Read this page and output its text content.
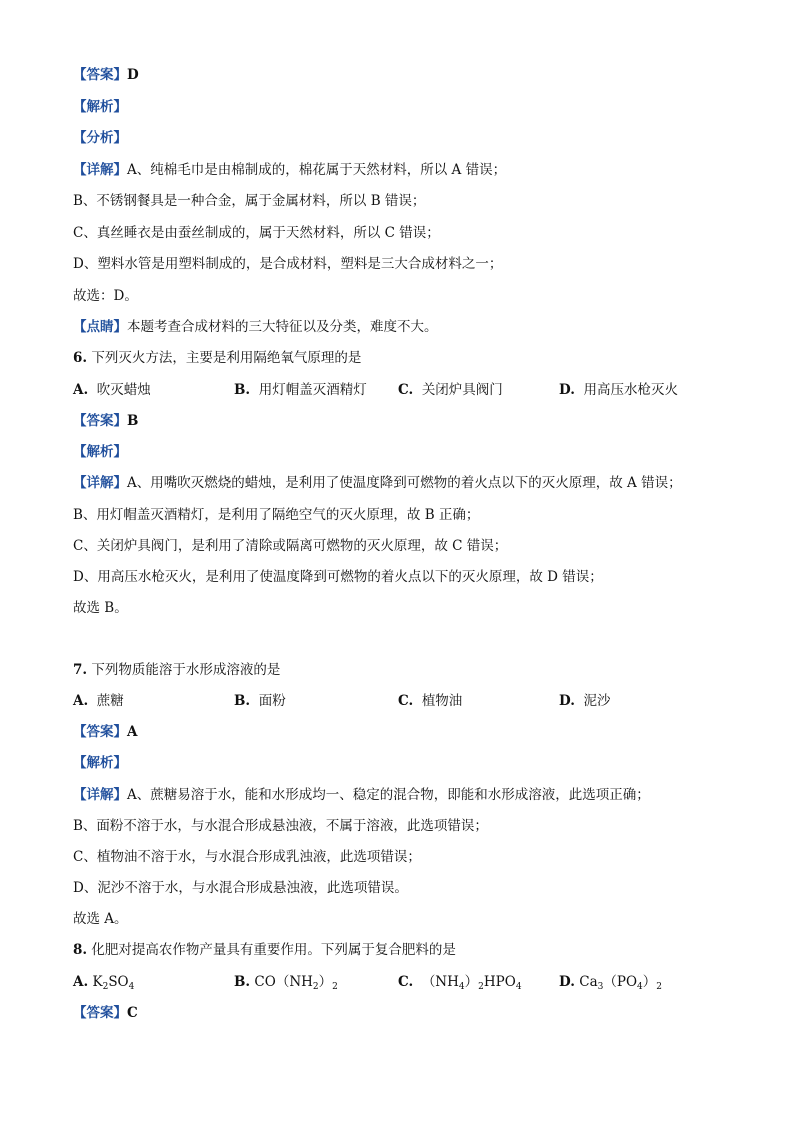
【答案】D
【解析】
【分析】
【详解】A、纯棉毛巾是由棉制成的，棉花属于天然材料，所以 A 错误；
B、不锈钢餐具是一种合金，属于金属材料，所以 B 错误；
C、真丝睡衣是由蚕丝制成的，属于天然材料，所以 C 错误；
D、塑料水管是用塑料制成的，是合成材料，塑料是三大合成材料之一；
故选：D。
【点睛】本题考查合成材料的三大特征以及分类，难度不大。
6. 下列灭火方法，主要是利用隔绝氧气原理的是
A. 吹灭蜡烛	B. 用灯帽盖灭酒精灯 C. 关闭炉具阀门	D. 用高压水枪灭火
【答案】B
【解析】
【详解】A、用嘴吹灭燃烧的蜡烛，是利用了使温度降到可燃物的着火点以下的灭火原理，故 A 错误；
B、用灯帽盖灭酒精灯，是利用了隔绝空气的灭火原理，故 B 正确；
C、关闭炉具阀门，是利用了清除或隔离可燃物的灭火原理，故 C 错误；
D、用高压水枪灭火，是利用了使温度降到可燃物的着火点以下的灭火原理，故 D 错误；
故选 B。
7. 下列物质能溶于水形成溶液的是
A. 蔗糖	B. 面粉	C. 植物油	D. 泥沙
【答案】A
【解析】
【详解】A、蔗糖易溶于水，能和水形成均一、稳定的混合物，即能和水形成溶液，此选项正确；
B、面粉不溶于水，与水混合形成悬浊液，不属于溶液，此选项错误；
C、植物油不溶于水，与水混合形成乳浊液，此选项错误；
D、泥沙不溶于水，与水混合形成悬浊液，此选项错误。
故选 A。
8. 化肥对提高农作物产量具有重要作用。下列属于复合肥料的是
A. $K_2SO_4$	B. $CO(NH_2)_2$	C. $(NH_4)_2HPO_4$	D. $Ca_3(PO_4)_2$
【答案】C
